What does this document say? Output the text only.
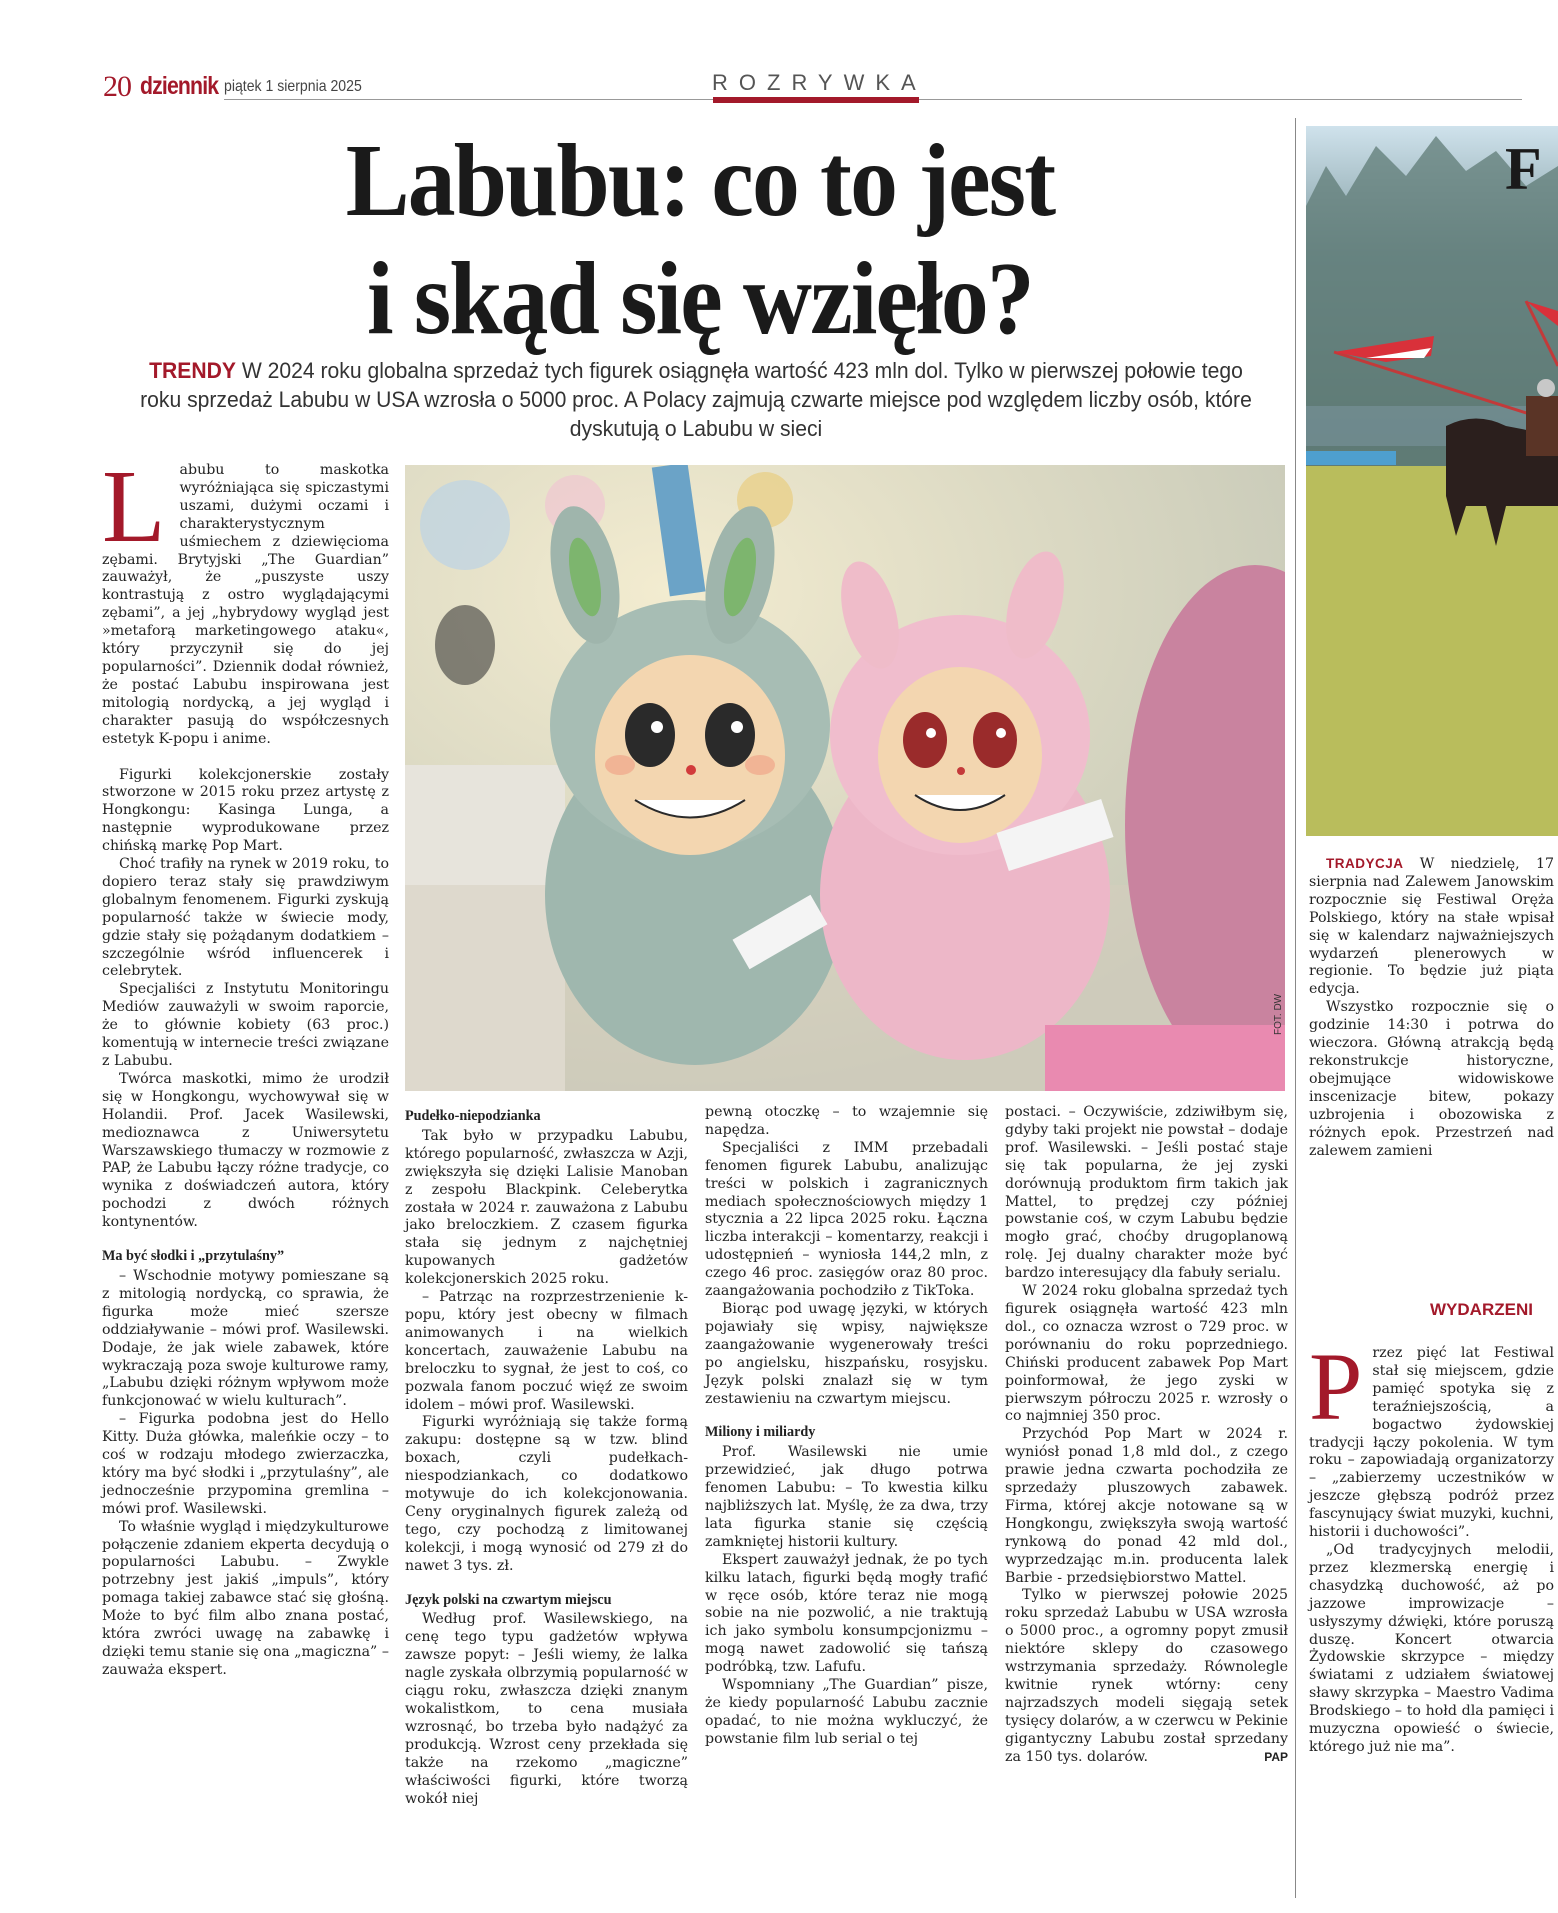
20 dziennik piątek 1 sierpnia 2025	ROZRYWKA
Labubu: co to jest
i skąd się wzięło?
TRENDY W 2024 roku globalna sprzedaż tych figurek osiągnęła wartość 423 mln dol. Tylko w pierwszej połowie tego roku sprzedaż Labubu w USA wzrosła o 5000 proc. A Polacy zajmują czwarte miejsce pod względem liczby osób, które dyskutują o Labubu w sieci
FOT. DW
L abubu to maskotka wyróżniająca się spiczastymi uszami, dużymi oczami i charakterystycznym uśmiechem z dziewięcioma zębami. Brytyjski „The Guardian” zauważył, że „puszyste uszy kontrastują z ostro wyglądającymi zębami”, a jej „hybrydowy wygląd jest »metaforą marketingowego ataku«, który przyczynił się do jej popularności”. Dziennik dodał również, że postać Labubu inspirowana jest mitologią nordycką, a jej wygląd i charakter pasują do współczesnych estetyk K-popu i anime.

Figurki kolekcjonerskie zostały stworzone w 2015 roku przez artystę z Hongkongu: Kasinga Lunga, a następnie wyprodukowane przez chińską markę Pop Mart.

Choć trafiły na rynek w 2019 roku, to dopiero teraz stały się prawdziwym globalnym fenomenem. Figurki zyskują popularność także w świecie mody, gdzie stały się pożądanym dodatkiem – szczególnie wśród influencerek i celebrytek.

Specjaliści z Instytutu Monitoringu Mediów zauważyli w swoim raporcie, że to głównie kobiety (63 proc.) komentują w internecie treści związane z Labubu.

Twórca maskotki, mimo że urodził się w Hongkongu, wychowywał się w Holandii. Prof. Jacek Wasilewski, medioznawca z Uniwersytetu Warszawskiego tłumaczy w rozmowie z PAP, że Labubu łączy różne tradycje, co wynika z doświadczeń autora, który pochodzi z dwóch różnych kontynentów.

Ma być słodki i „przytulaśny”

– Wschodnie motywy pomieszane są z mitologią nordycką, co sprawia, że figurka może mieć szersze oddziaływanie – mówi prof. Wasilewski. Dodaje, że jak wiele zabawek, które wykraczają poza swoje kulturowe ramy, „Labubu dzięki różnym wpływom może funkcjonować w wielu kulturach”.

– Figurka podobna jest do Hello Kitty. Duża główka, maleńkie oczy – to coś w rodzaju młodego zwierzaczka, który ma być słodki i „przytulaśny”, ale jednocześnie przypomina gremlina – mówi prof. Wasilewski.

To właśnie wygląd i międzykulturowe połączenie zdaniem ekperta decydują o popularności Labubu. – Zwykle potrzebny jest jakiś „impuls”, który pomaga takiej zabawce stać się głośną. Może to być film albo znana postać, która zwróci uwagę na zabawkę i dzięki temu stanie się ona „magiczna” – zauważa ekspert.

Pudełko-niepodzianka

Tak było w przypadku Labubu, którego popularność, zwłaszcza w Azji, zwiększyła się dzięki Lalisie Manoban z zespołu Blackpink. Celeberytka została w 2024 r. zauważona z Labubu jako breloczkiem. Z czasem figurka stała się jednym z najchętniej kupowanych gadżetów kolekcjonerskich 2025 roku.

– Patrząc na rozprzestrzenienie k-popu, który jest obecny w filmach animowanych i na wielkich koncertach, zauważenie Labubu na breloczku to sygnał, że jest to coś, co pozwala fanom poczuć więź ze swoim idolem – mówi prof. Wasilewski.

Figurki wyróżniają się także formą zakupu: dostępne są w tzw. blind boxach, czyli pudełkach-niespodziankach, co dodatkowo motywuje do ich kolekcjonowania. Ceny oryginalnych figurek zależą od tego, czy pochodzą z limitowanej kolekcji, i mogą wynosić od 279 zł do nawet 3 tys. zł.

Język polski na czwartym miejscu

Według prof. Wasilewskiego, na cenę tego typu gadżetów wpływa zawsze popyt: – Jeśli wiemy, że lalka nagle zyskała olbrzymią popularność w ciągu roku, zwłaszcza dzięki znanym wokalistkom, to cena musiała wzrosnąć, bo trzeba było nadążyć za produkcją. Wzrost ceny przekłada się także na rzekomo „magiczne” właściwości figurki, które tworzą wokół niej

pewną otoczkę – to wzajemnie się napędza.

Specjaliści z IMM przebadali fenomen figurek Labubu, analizując treści w polskich i zagranicznych mediach społecznościowych między 1 stycznia a 22 lipca 2025 roku. Łączna liczba interakcji – komentarzy, reakcji i udostępnień – wyniosła 144,2 mln, z czego 46 proc. zasięgów oraz 80 proc. zaangażowania pochodziło z TikToka.

Biorąc pod uwagę języki, w których pojawiały się wpisy, największe zaangażowanie wygenerowały treści po angielsku, hiszpańsku, rosyjsku. Język polski znalazł się w tym zestawieniu na czwartym miejscu.

Miliony i miliardy

Prof. Wasilewski nie umie przewidzieć, jak długo potrwa fenomen Labubu: – To kwestia kilku najbliższych lat. Myślę, że za dwa, trzy lata figurka stanie się częścią zamkniętej historii kultury.

Ekspert zauważył jednak, że po tych kilku latach, figurki będą mogły trafić w ręce osób, które teraz nie mogą sobie na nie pozwolić, a nie traktują ich jako symbolu konsumpcjonizmu – mogą nawet zadowolić się tańszą podróbką, tzw. Lafufu.

Wspomniany „The Guardian” pisze, że kiedy popularność Labubu zacznie opadać, to nie można wykluczyć, że powstanie film lub serial o tej

postaci. – Oczywiście, zdziwiłbym się, gdyby taki projekt nie powstał – dodaje prof. Wasilewski. – Jeśli postać staje się tak popularna, że jej zyski dorównują produktom firm takich jak Mattel, to prędzej czy później powstanie coś, w czym Labubu będzie mogło grać, choćby drugoplanową rolę. Jej dualny charakter może być bardzo interesujący dla fabuły serialu.

W 2024 roku globalna sprzedaż tych figurek osiągnęła wartość 423 mln dol., co oznacza wzrost o 729 proc. w porównaniu do roku poprzedniego. Chiński producent zabawek Pop Mart poinformował, że jego zyski w pierwszym półroczu 2025 r. wzrosły o co najmniej 350 proc.

Przychód Pop Mart w 2024 r. wyniósł ponad 1,8 mld dol., z czego prawie jedna czwarta pochodziła ze sprzedaży pluszowych zabawek. Firma, której akcje notowane są w Hongkongu, zwiększyła swoją wartość rynkową do ponad 42 mld dol., wyprzedzając m.in. producenta lalek Barbie - przedsiębiorstwo Mattel.

Tylko w pierwszej połowie 2025 roku sprzedaż Labubu w USA wzrosła o 5000 proc., a ogromny popyt zmusił niektóre sklepy do czasowego wstrzymania sprzedaży. Równolegle kwitnie rynek wtórny: ceny najrzadszych modeli sięgają setek tysięcy dolarów, a w czerwcu w Pekinie gigantyczny Labubu został sprzedany za 150 tys. dolarów.	PAP

F

TRADYCJA W niedzielę, 17 sierpnia nad Zalewem Janowskim rozpocznie się Festiwal Oręża Polskiego, który na stałe wpisał się w kalendarz najważniejszych wydarzeń plenerowych w regionie. To będzie już piąta edycja.

Wszystko rozpocznie się o godzinie 14:30 i potrwa do wieczora. Główną atrakcją będą rekonstrukcje historyczne, obejmujące widowiskowe inscenizacje bitew, pokazy uzbrojenia i obozowiska z różnych epok. Przestrzeń nad zalewem zamieni

WYDARZENI
P rzez pięć lat Festiwal stał się miejscem, gdzie pamięć spotyka się z teraźniejszością, a bogactwo żydowskiej tradycji łączy pokolenia. W tym roku – zapowiadają organizatorzy – „zabierzemy uczestników w jeszcze głębszą podróż przez fascynujący świat muzyki, kuchni, historii i duchowości”.

„Od tradycyjnych melodii, przez klezmerską energię i chasydzką duchowość, aż po jazzowe improwizacje – usłyszymy dźwięki, które poruszą duszę. Koncert otwarcia Żydowskie skrzypce – między światami z udziałem światowej sławy skrzypka – Maestro Vadima Brodskiego – to hołd dla pamięci i muzyczna opowieść o świecie, którego już nie ma”.
